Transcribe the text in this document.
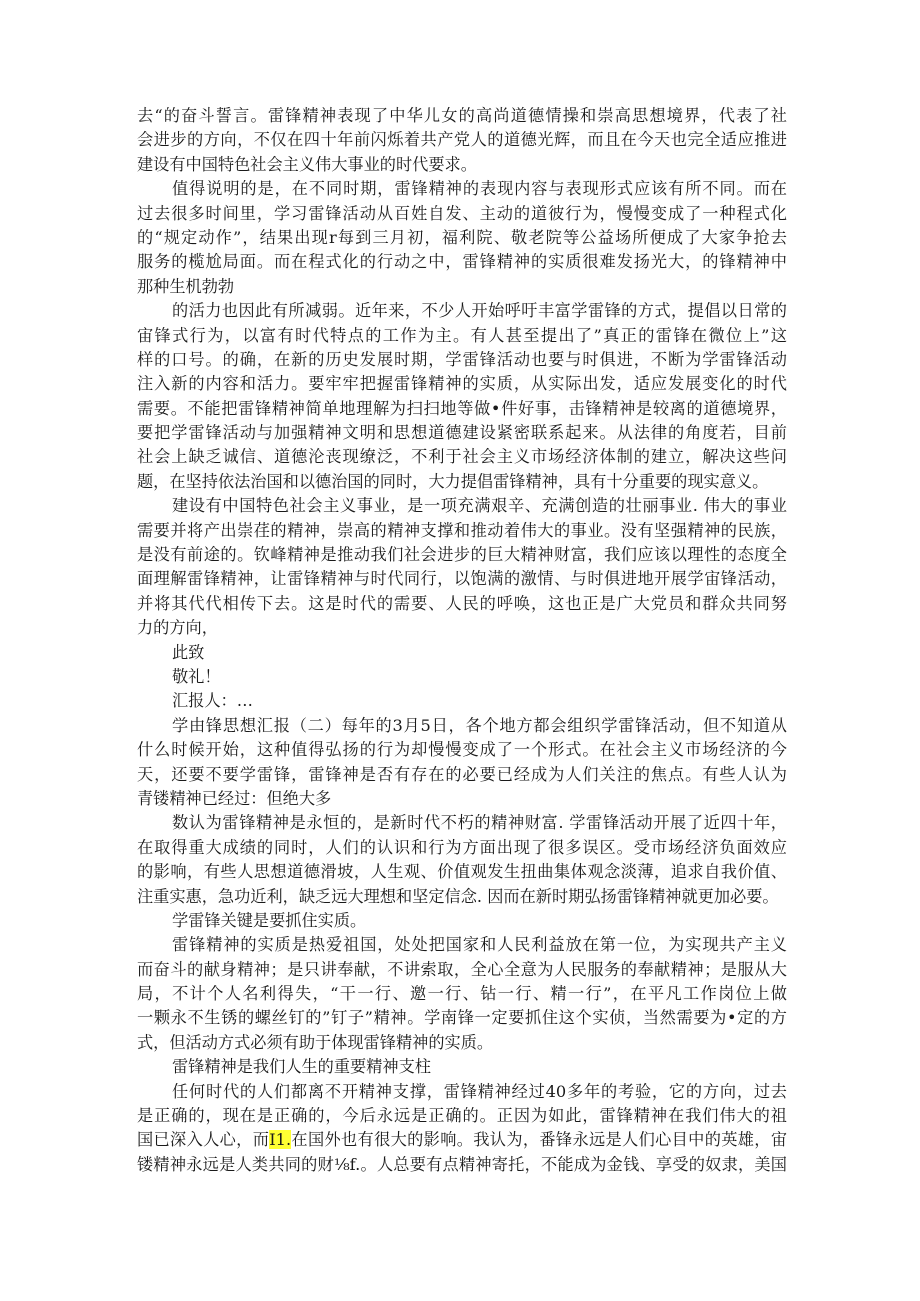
去“的奋斗誓言。雷锋精神表现了中华儿女的高尚道德情操和崇高思想境界，代表了社
会进步的方向，不仅在四十年前闪烁着共产党人的道德光辉，而且在今天也完全适应推进
建设有中国特色社会主义伟大事业的时代要求。
值得说明的是，在不同时期，雷锋精神的表现内容与表现形式应该有所不同。而在
过去很多时间里，学习雷锋活动从百姓自发、主动的道彼行为，慢慢变成了一种程式化
的“规定动作”，结果出现r每到三月初，福利院、敬老院等公益场所便成了大家争抢去
服务的榄尬局面。而在程式化的行动之中，雷锋精神的实质很难发扬光大，的锋精神中
那种生机勃勃
的活力也因此有所减弱。近年来，不少人开始呼吁丰富学雷锋的方式，提倡以日常的
宙锋式行为，以富有时代特点的工作为主。有人甚至提出了”真正的雷锋在微位上”这
样的口号。的确，在新的历史发展时期，学雷锋活动也要与时俱进，不断为学雷锋活动
注入新的内容和活力。要牢牢把握雷锋精神的实质，从实际出发，适应发展变化的时代
需要。不能把雷锋精神简单地理解为扫扫地等做•件好事，击锋精神是较离的道德境界，
要把学雷锋活动与加强精神文明和思想道德建设紧密联系起来。从法律的角度若，目前
社会上缺乏诚信、道德沦丧现缭泛，不利于社会主义市场经济体制的建立，解决这些问
题，在坚持依法治国和以德治国的同时，大力提倡雷锋精神，具有十分重要的现实意义。
建设有中国特色社会主义事业，是一项充满艰辛、充满创造的壮丽事业. 伟大的事业
需要并将产出崇荏的精神，崇高的精神支撑和推动着伟大的事业。没有坚强精神的民族，
是没有前途的。钦峰精神是推动我们社会进步的巨大精神财富，我们应该以理性的态度全
面理解雷锋精神，让雷锋精神与时代同行，以饱满的激情、与时俱进地开展学宙锋活动，
并将其代代相传下去。这是时代的需要、人民的呼唤，这也正是广大党员和群众共同努
力的方向，
此致
敬礼！
汇报人：…
学由锋思想汇报（二）每年的3月5日，各个地方都会组织学雷锋活动，但不知道从
什么时候开始，这种值得弘扬的行为却慢慢变成了一个形式。在社会主义市场经济的今
天，还要不要学雷锋，雷锋神是否有存在的必要已经成为人们关注的焦点。有些人认为
青镂精神已经过：但绝大多
数认为雷锋精神是永恒的，是新时代不朽的精神财富. 学雷锋活动开展了近四十年，
在取得重大成绩的同时，人们的认识和行为方面出现了很多误区。受市场经济负面效应
的影响，有些人思想道德滑坡，人生观、价值观发生扭曲集体观念淡薄，追求自我价值、
注重实惠，急功近利，缺乏远大理想和坚定信念. 因而在新时期弘扬雷锋精神就更加必要。
学雷锋关键是要抓住实质。
雷锋精神的实质是热爱祖国，处处把国家和人民利益放在第一位，为实现共产主义
而奋斗的献身精神；是只讲奉献，不讲索取，全心全意为人民服务的奉献精神；是服从大
局，不计个人名利得失，“干一行、邀一行、钻一行、精一行”，在平凡工作岗位上做
一颗永不生锈的螺丝钉的”钉子”精神。学南锋一定要抓住这个实侦，当然需要为•定的方
式，但活动方式必须有助于体现雷锋精神的实质。
雷锋精神是我们人生的重要精神支柱
任何时代的人们都离不开精神支撑，雷锋精神经过40多年的考验，它的方向，过去
是正确的，现在是正确的，今后永远是正确的。正因为如此，雷锋精神在我们伟大的祖
国已深入人心，而I1.在国外也有很大的影响。我认为，番锋永远是人们心目中的英雄，宙
镂精神永远是人类共同的财⅛f.。人总要有点精神寄托，不能成为金钱、享受的奴隶，美国
